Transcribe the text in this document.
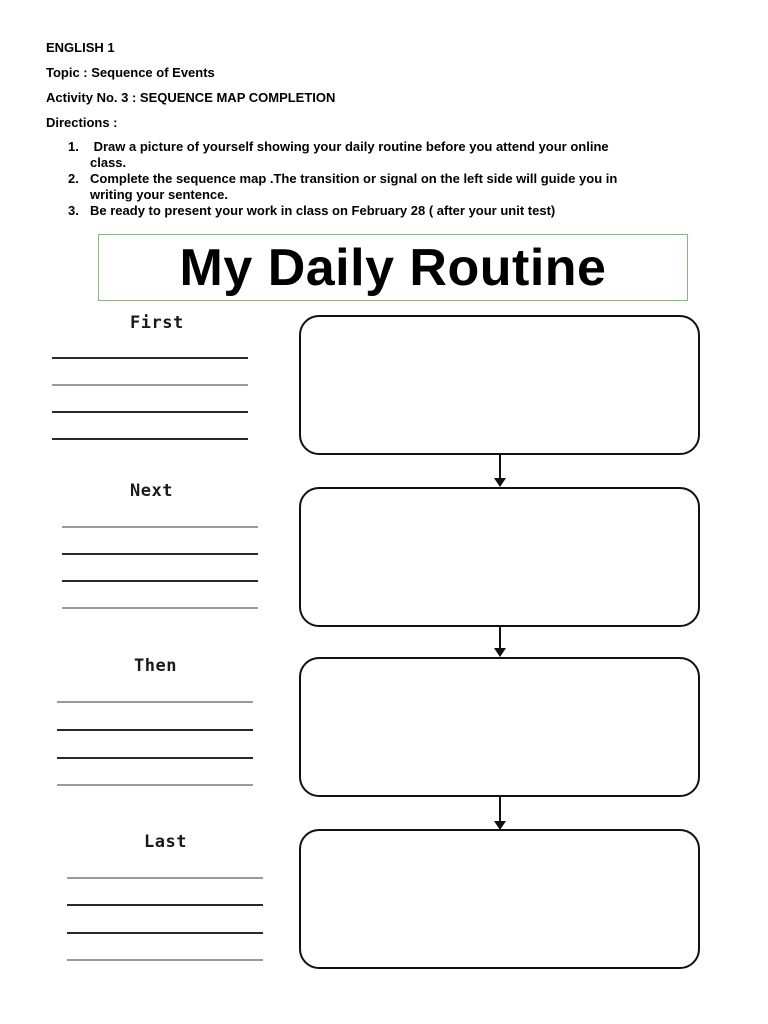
ENGLISH 1
Topic : Sequence of Events
Activity No. 3 : SEQUENCE MAP COMPLETION
Directions :
1. Draw a picture of yourself showing your daily routine before you attend your online
class.
2. Complete the sequence map .The transition or signal on the left side will guide you in
writing your sentence.
3. Be ready to present your work in class on February 28 ( after your unit test)
My Daily Routine
First
Next
Then
Last
